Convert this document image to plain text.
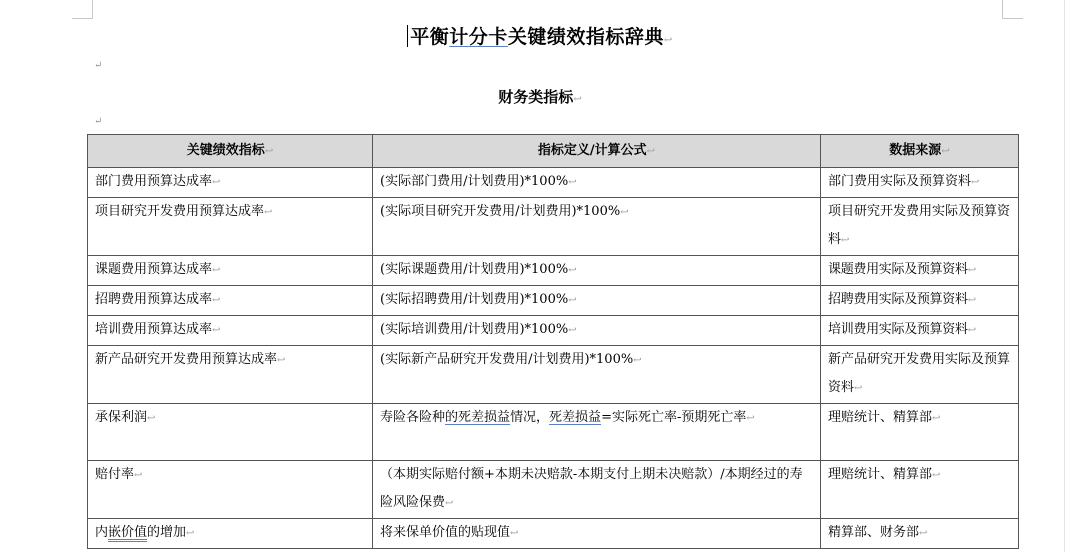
平衡计分卡关键绩效指标辞典↩
↵
财务类指标↩
↵
关键绩效指标↩	指标定义/计算公式↩	数据来源↩
部门费用预算达成率↩	(实际部门费用/计划费用)*100%↩	部门费用实际及预算资料↩
项目研究开发费用预算达成率↩	(实际项目研究开发费用/计划费用)*100%↩	项目研究开发费用实际及预算资料↩
课题费用预算达成率↩	(实际课题费用/计划费用)*100%↩	课题费用实际及预算资料↩
招聘费用预算达成率↩	(实际招聘费用/计划费用)*100%↩	招聘费用实际及预算资料↩
培训费用预算达成率↩	(实际培训费用/计划费用)*100%↩	培训费用实际及预算资料↩
新产品研究开发费用预算达成率↩	(实际新产品研究开发费用/计划费用)*100%↩	新产品研究开发费用实际及预算资料↩
承保利润↩	寿险各险种的死差损益情况，死差损益=实际死亡率-预期死亡率↩	理赔统计、精算部↩
赔付率↩	（本期实际赔付额+本期未决赔款-本期支付上期未决赔款）/本期经过的寿险风险保费↩	理赔统计、精算部↩
内嵌价值的增加↩	将来保单价值的贴现值↩	精算部、财务部↩
